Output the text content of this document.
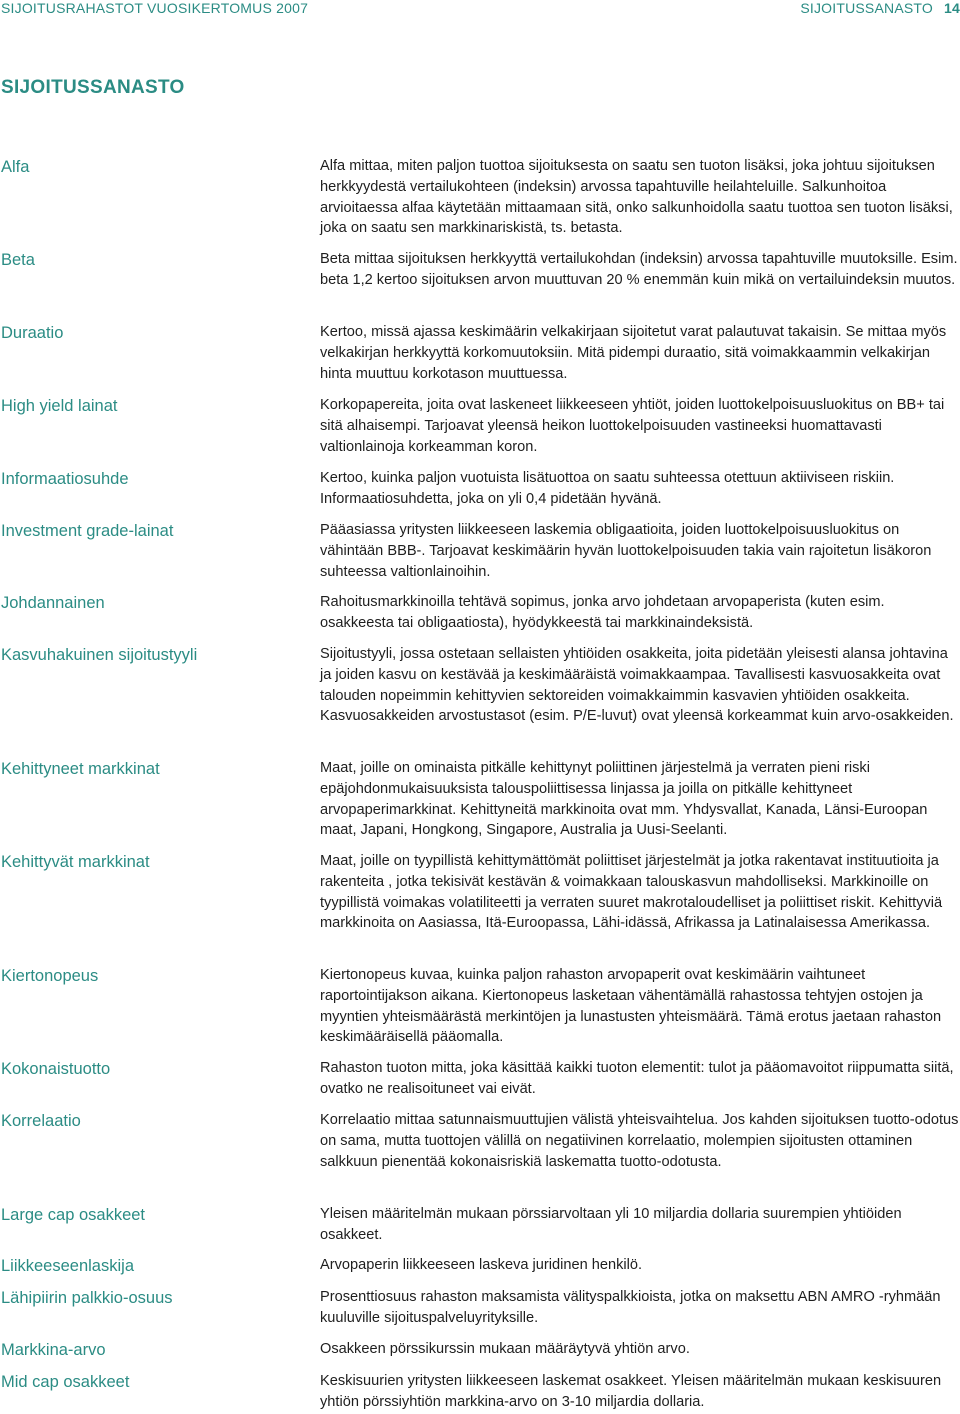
SIJOITUSRAHASTOT VUOSIKERTOMUS 2007	SIJOITUSSANASTO 14
SIJOITUSSANASTO
Alfa	Alfa mittaa, miten paljon tuottoa sijoituksesta on saatu sen tuoton lisäksi, joka johtuu sijoituksen herkkyydestä vertailukohteen (indeksin) arvossa tapahtuville heilahteluille. Salkunhoitoa arvioitaessa alfaa käytetään mittaamaan sitä, onko salkunhoidolla saatu tuottoa sen tuoton lisäksi, joka on saatu sen markkinariskistä, ts. betasta.
Beta	Beta mittaa sijoituksen herkkyyttä vertailukohdan (indeksin) arvossa tapahtuville muutoksille. Esim. beta 1,2 kertoo sijoituksen arvon muuttuvan 20 % enemmän kuin mikä on vertailuindeksin muutos.
Duraatio	Kertoo, missä ajassa keskimäärin velkakirjaan sijoitetut varat palautuvat takaisin. Se mittaa myös velkakirjan herkkyyttä korkomuutoksiin. Mitä pidempi duraatio, sitä voimakkaammin velkakirjan hinta muuttuu korkotason muuttuessa.
High yield lainat	Korkopapereita, joita ovat laskeneet liikkeeseen yhtiöt, joiden luottokelpoisuusluokitus on BB+ tai sitä alhaisempi. Tarjoavat yleensä heikon luottokelpoisuuden vastineeksi huomattavasti valtionlainoja korkeamman koron.
Informaatiosuhde	Kertoo, kuinka paljon vuotuista lisätuottoa on saatu suhteessa otettuun aktiiviseen riskiin. Informaatiosuhdetta, joka on yli 0,4 pidetään hyvänä.
Investment grade-lainat	Pääasiassa yritysten liikkeeseen laskemia obligaatioita, joiden luottokelpoisuusluokitus on vähintään BBB-. Tarjoavat keskimäärin hyvän luottokelpoisuuden takia vain rajoitetun lisäkoron suhteessa valtionlainoihin.
Johdannainen	Rahoitusmarkkinoilla tehtävä sopimus, jonka arvo johdetaan arvopaperista (kuten esim. osakkeesta tai obligaatiosta), hyödykkeestä tai markkinaindeksistä.
Kasvuhakuinen sijoitustyyli	Sijoitustyyli, jossa ostetaan sellaisten yhtiöiden osakkeita, joita pidetään yleisesti alansa johtavina ja joiden kasvu on kestävää ja keskimääräistä voimakkaampaa. Tavallisesti kasvuosakkeita ovat talouden nopeimmin kehittyvien sektoreiden voimakkaimmin kasvavien yhtiöiden osakkeita. Kasvuosakkeiden arvostustasot (esim. P/E-luvut) ovat yleensä korkeammat kuin arvo-osakkeiden.
Kehittyneet markkinat	Maat, joille on ominaista pitkälle kehittynyt poliittinen järjestelmä ja verraten pieni riski epäjohdonmukaisuuksista talouspoliittisessa linjassa ja joilla on pitkälle kehittyneet arvopaperimarkkinat. Kehittyneitä markkinoita ovat mm. Yhdysvallat, Kanada, Länsi-Euroopan maat, Japani, Hongkong, Singapore, Australia ja Uusi-Seelanti.
Kehittyvät markkinat	Maat, joille on tyypillistä kehittymättömät poliittiset järjestelmät ja jotka rakentavat instituutioita ja rakenteita , jotka tekisivät kestävän & voimakkaan talouskasvun mahdolliseksi. Markkinoille on tyypillistä voimakas volatiliteetti ja verraten suuret makrotaloudelliset ja poliittiset riskit. Kehittyviä markkinoita on Aasiassa, Itä-Euroopassa, Lähi-idässä, Afrikassa ja Latinalaisessa Amerikassa.
Kiertonopeus	Kiertonopeus kuvaa, kuinka paljon rahaston arvopaperit ovat keskimäärin vaihtuneet raportointijakson aikana. Kiertonopeus lasketaan vähentämällä rahastossa tehtyjen ostojen ja myyntien yhteismäärästä merkintöjen ja lunastusten yhteismäärä. Tämä erotus jaetaan rahaston keskimääräisellä pääomalla.
Kokonaistuotto	Rahaston tuoton mitta, joka käsittää kaikki tuoton elementit: tulot ja pääomavoitot riippumatta siitä, ovatko ne realisoituneet vai eivät.
Korrelaatio	Korrelaatio mittaa satunnaismuuttujien välistä yhteisvaihtelua. Jos kahden sijoituksen tuotto-odotus on sama, mutta tuottojen välillä on negatiivinen korrelaatio, molempien sijoitusten ottaminen salkkuun pienentää kokonaisriskiä laskematta tuotto-odotusta.
Large cap osakkeet	Yleisen määritelmän mukaan pörssiarvoltaan yli 10 miljardia dollaria suurempien yhtiöiden osakkeet.
Liikkeeseenlaskija	Arvopaperin liikkeeseen laskeva juridinen henkilö.
Lähipiirin palkkio-osuus	Prosenttiosuus rahaston maksamista välityspalkkioista, jotka on maksettu ABN AMRO -ryhmään kuuluville sijoituspalveluyrityksille.
Markkina-arvo	Osakkeen pörssikurssin mukaan määräytyvä yhtiön arvo.
Mid cap osakkeet	Keskisuurien yritysten liikkeeseen laskemat osakkeet. Yleisen määritelmän mukaan keskisuuren yhtiön pörssiyhtiön markkina-arvo on 3-10 miljardia dollaria.
